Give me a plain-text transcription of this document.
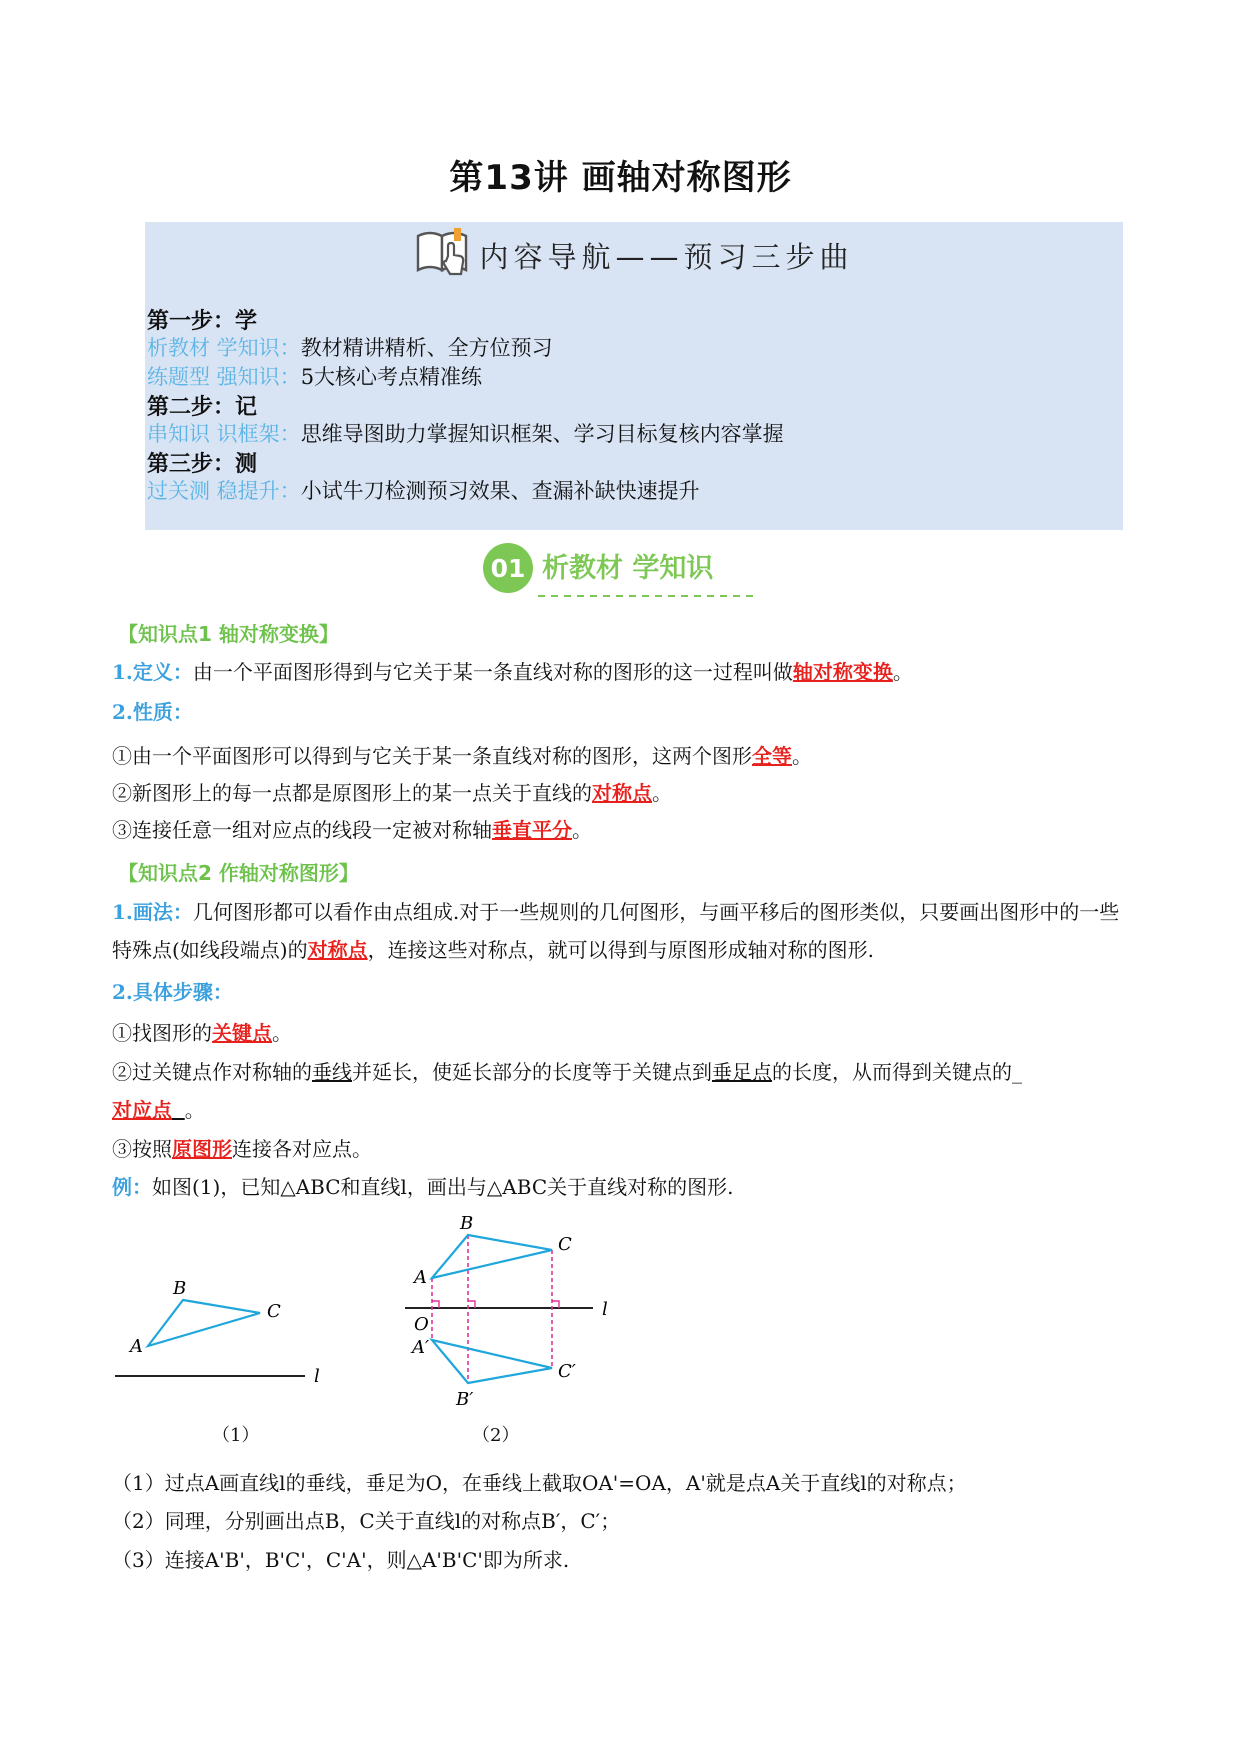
第13讲 画轴对称图形
内容导航——预习三步曲
第一步：学
析教材 学知识：教材精讲精析、全方位预习
练题型 强知识：5大核心考点精准练
第二步：记
串知识 识框架：思维导图助力掌握知识框架、学习目标复核内容掌握
第三步：测
过关测 稳提升：小试牛刀检测预习效果、查漏补缺快速提升
01 析教材 学知识
【知识点1 轴对称变换】
1.定义：由一个平面图形得到与它关于某一条直线对称的图形的这一过程叫做轴对称变换。
2.性质：
①由一个平面图形可以得到与它关于某一条直线对称的图形，这两个图形全等。
②新图形上的每一点都是原图形上的某一点关于直线的对称点。
③连接任意一组对应点的线段一定被对称轴垂直平分。
【知识点2 作轴对称图形】
1.画法：几何图形都可以看作由点组成.对于一些规则的几何图形，与画平移后的图形类似，只要画出图形中的一些特殊点(如线段端点)的对称点，连接这些对称点，就可以得到与原图形成轴对称的图形.
2.具体步骤：
①找图形的关键点。
②过关键点作对称轴的垂线并延长，使延长部分的长度等于关键点到垂足点的长度，从而得到关键点的_
对应点 。
③按照原图形连接各对应点。
例：如图(1)，已知△ABC和直线l，画出与△ABC关于直线对称的图形.
A
B
C
l
（1）
A
B
C
O
A′
B′
C′
l
（2）
（1）过点A画直线l的垂线，垂足为O，在垂线上截取OA'=OA，A'就是点A关于直线l的对称点；
（2）同理，分别画出点B，C关于直线l的对称点B′，C′；
（3）连接A'B'，B'C'，C'A'，则△A'B'C'即为所求.
